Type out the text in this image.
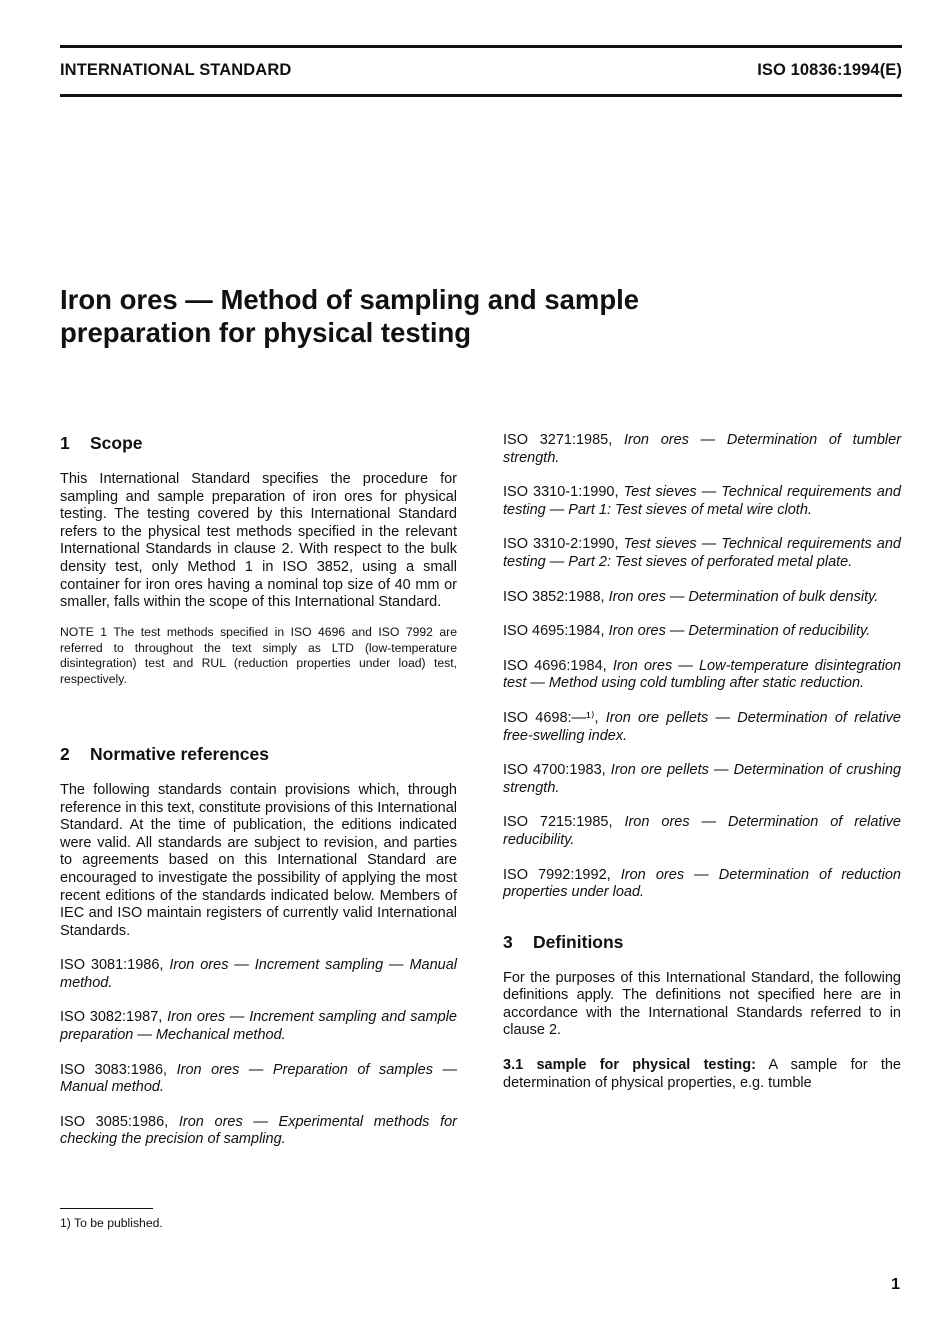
INTERNATIONAL STANDARD	ISO 10836:1994(E)
Iron ores — Method of sampling and sample
preparation for physical testing
1 Scope

This International Standard specifies the procedure for sampling and sample preparation of iron ores for physical testing. The testing covered by this International Standard refers to the physical test methods specified in the relevant International Standards in clause 2. With respect to the bulk density test, only Method 1 in ISO 3852, using a small container for iron ores having a nominal top size of 40 mm or smaller, falls within the scope of this International Standard.

NOTE 1 The test methods specified in ISO 4696 and ISO 7992 are referred to throughout the text simply as LTD (low-temperature disintegration) test and RUL (reduction properties under load) test, respectively.

2 Normative references

The following standards contain provisions which, through reference in this text, constitute provisions of this International Standard. At the time of publication, the editions indicated were valid. All standards are subject to revision, and parties to agreements based on this International Standard are encouraged to investigate the possibility of applying the most recent editions of the standards indicated below. Members of IEC and ISO maintain registers of currently valid International Standards.

ISO 3081:1986, Iron ores — Increment sampling — Manual method.

ISO 3082:1987, Iron ores — Increment sampling and sample preparation — Mechanical method.

ISO 3083:1986, Iron ores — Preparation of samples — Manual method.

ISO 3085:1986, Iron ores — Experimental methods for checking the precision of sampling.

ISO 3271:1985, Iron ores — Determination of tumbler strength.

ISO 3310-1:1990, Test sieves — Technical requirements and testing — Part 1: Test sieves of metal wire cloth.

ISO 3310-2:1990, Test sieves — Technical requirements and testing — Part 2: Test sieves of perforated metal plate.

ISO 3852:1988, Iron ores — Determination of bulk density.

ISO 4695:1984, Iron ores — Determination of reducibility.

ISO 4696:1984, Iron ores — Low-temperature disintegration test — Method using cold tumbling after static reduction.

ISO 4698:—¹⁾, Iron ore pellets — Determination of relative free-swelling index.

ISO 4700:1983, Iron ore pellets — Determination of crushing strength.

ISO 7215:1985, Iron ores — Determination of relative reducibility.

ISO 7992:1992, Iron ores — Determination of reduction properties under load.

3 Definitions

For the purposes of this International Standard, the following definitions apply. The definitions not specified here are in accordance with the International Standards referred to in clause 2.

3.1 sample for physical testing: A sample for the determination of physical properties, e.g. tumble

1) To be published.
1
